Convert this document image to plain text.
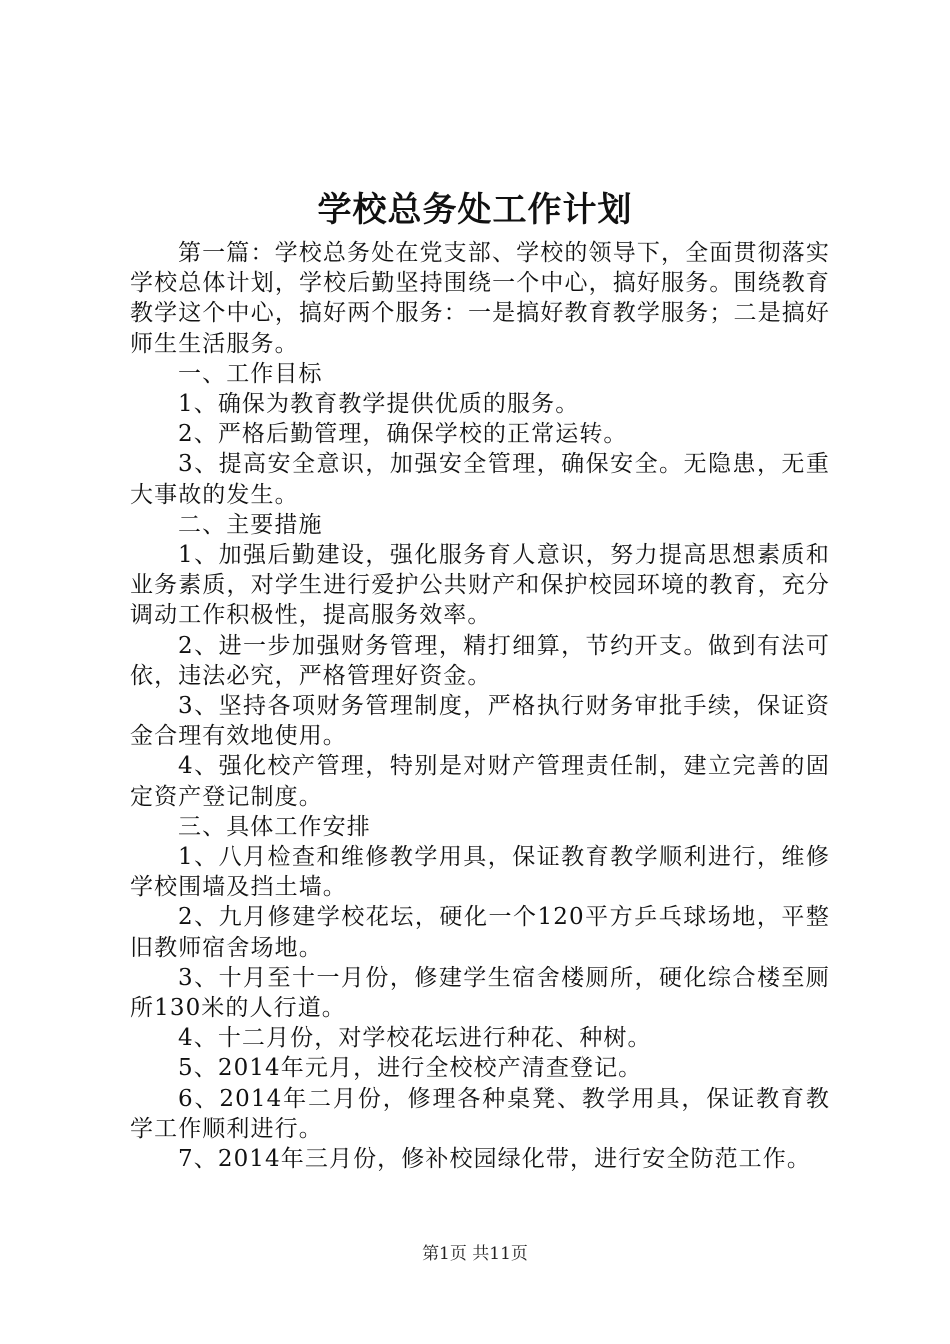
学校总务处工作计划

第一篇：学校总务处在党支部、学校的领导下，全面贯彻落实学校总体计划，学校后勤坚持围绕一个中心，搞好服务。围绕教育教学这个中心，搞好两个服务：一是搞好教育教学服务；二是搞好师生生活服务。

一、工作目标

1、确保为教育教学提供优质的服务。

2、严格后勤管理，确保学校的正常运转。

3、提高安全意识，加强安全管理，确保安全。无隐患，无重大事故的发生。

二、主要措施

1、加强后勤建设，强化服务育人意识，努力提高思想素质和业务素质，对学生进行爱护公共财产和保护校园环境的教育，充分调动工作积极性，提高服务效率。

2、进一步加强财务管理，精打细算，节约开支。做到有法可依，违法必究，严格管理好资金。

3、坚持各项财务管理制度，严格执行财务审批手续，保证资金合理有效地使用。

4、强化校产管理，特别是对财产管理责任制，建立完善的固定资产登记制度。

三、具体工作安排

1、八月检查和维修教学用具，保证教育教学顺利进行，维修学校围墙及挡土墙。

2、九月修建学校花坛，硬化一个120平方乒乓球场地，平整旧教师宿舍场地。

3、十月至十一月份，修建学生宿舍楼厕所，硬化综合楼至厕所130米的人行道。

4、十二月份，对学校花坛进行种花、种树。

5、2014年元月，进行全校校产清查登记。

6、2014年二月份，修理各种桌凳、教学用具，保证教育教学工作顺利进行。

7、2014年三月份，修补校园绿化带，进行安全防范工作。

第1页 共11页
